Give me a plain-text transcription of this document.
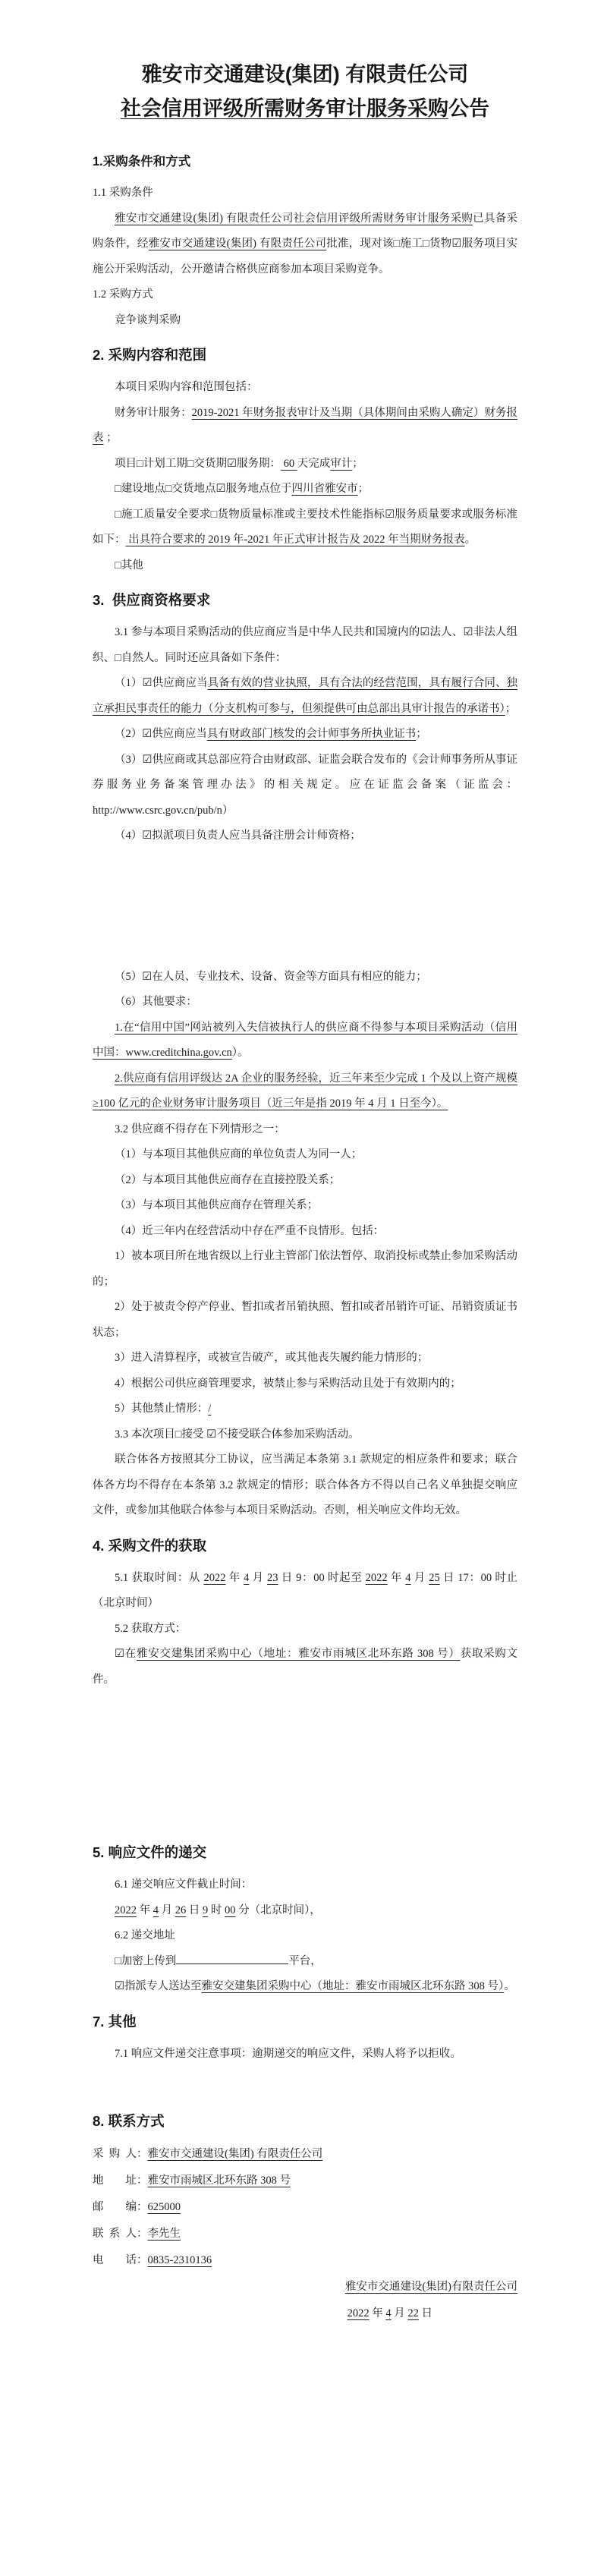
雅安市交通建设(集团) 有限责任公司
社会信用评级所需财务审计服务采购公告
1.采购条件和方式

1.1 采购条件

雅安市交通建设(集团) 有限责任公司社会信用评级所需财务审计服务采购已具备采购条件，经雅安市交通建设(集团) 有限责任公司批准，现对该□施工□货物☑服务项目实施公开采购活动，公开邀请合格供应商参加本项目采购竞争。

1.2 采购方式

竞争谈判采购

2. 采购内容和范围

本项目采购内容和范围包括：

财务审计服务：2019-2021 年财务报表审计及当期（具体期间由采购人确定）财务报表 ；

项目□计划工期□交货期☑服务期： 60 天完成审计；

□建设地点□交货地点☑服务地点位于四川省雅安市；

□施工质量安全要求□货物质量标准或主要技术性能指标☑服务质量要求或服务标准如下： 出具符合要求的 2019 年-2021 年正式审计报告及 2022 年当期财务报表。

□其他

3.  供应商资格要求

3.1 参与本项目采购活动的供应商应当是中华人民共和国境内的☑法人、☑非法人组织、□自然人。同时还应具备如下条件：

（1）☑供应商应当具备有效的营业执照，具有合法的经营范围，具有履行合同、独立承担民事责任的能力（分支机构可参与，但须提供可由总部出具审计报告的承诺书）；

（2）☑供应商应当具有财政部门核发的会计师事务所执业证书；

（3）☑供应商或其总部应符合由财政部、证监会联合发布的《会计师事务所从事证券服务业务备案管理办法》的相关规定。应在证监会备案（证监会：http://www.csrc.gov.cn/pub/n）

（4）☑拟派项目负责人应当具备注册会计师资格；

（5）☑在人员、专业技术、设备、资金等方面具有相应的能力；

（6）其他要求：

1.在“信用中国”网站被列入失信被执行人的供应商不得参与本项目采购活动（信用中国：www.creditchina.gov.cn）。

2.供应商有信用评级达 2A 企业的服务经验，近三年来至少完成 1 个及以上资产规模≥100 亿元的企业财务审计服务项目（近三年是指 2019 年 4 月 1 日至今）。

3.2 供应商不得存在下列情形之一：

（1）与本项目其他供应商的单位负责人为同一人；

（2）与本项目其他供应商存在直接控股关系；

（3）与本项目其他供应商存在管理关系；

（4）近三年内在经营活动中存在严重不良情形。包括：

1）被本项目所在地省级以上行业主管部门依法暂停、取消投标或禁止参加采购活动的；

2）处于被责令停产停业、暂扣或者吊销执照、暂扣或者吊销许可证、吊销资质证书状态；

3）进入清算程序，或被宣告破产，或其他丧失履约能力情形的；

4）根据公司供应商管理要求，被禁止参与采购活动且处于有效期内的；

5）其他禁止情形：/

3.3 本次项目□接受 ☑不接受联合体参加采购活动。

联合体各方按照其分工协议，应当满足本条第 3.1 款规定的相应条件和要求；联合体各方均不得存在本条第 3.2 款规定的情形；联合体各方不得以自己名义单独提交响应文件，或参加其他联合体参与本项目采购活动。否则，相关响应文件均无效。

4. 采购文件的获取

5.1 获取时间：从 2022 年 4 月 23 日 9：00 时起至 2022 年 4 月 25 日 17：00 时止（北京时间）

5.2 获取方式：

☑在雅安交建集团采购中心（地址：雅安市雨城区北环东路 308 号）获取采购文件。

5. 响应文件的递交

6.1 递交响应文件截止时间：

2022 年 4 月 26 日 9 时 00 分（北京时间），

6.2 递交地址

□加密上传到	平台，

☑指派专人送达至雅安交建集团采购中心（地址：雅安市雨城区北环东路 308 号）。

7. 其他

7.1 响应文件递交注意事项：逾期递交的响应文件，采购人将予以拒收。

8. 联系方式

采 购 人：雅安市交通建设(集团) 有限责任公司

地　　址：雅安市雨城区北环东路 308 号

邮　　编：625000

联 系 人：李先生

电　　话：0835-2310136

雅安市交通建设(集团)有限责任公司

2022 年 4 月 22 日
